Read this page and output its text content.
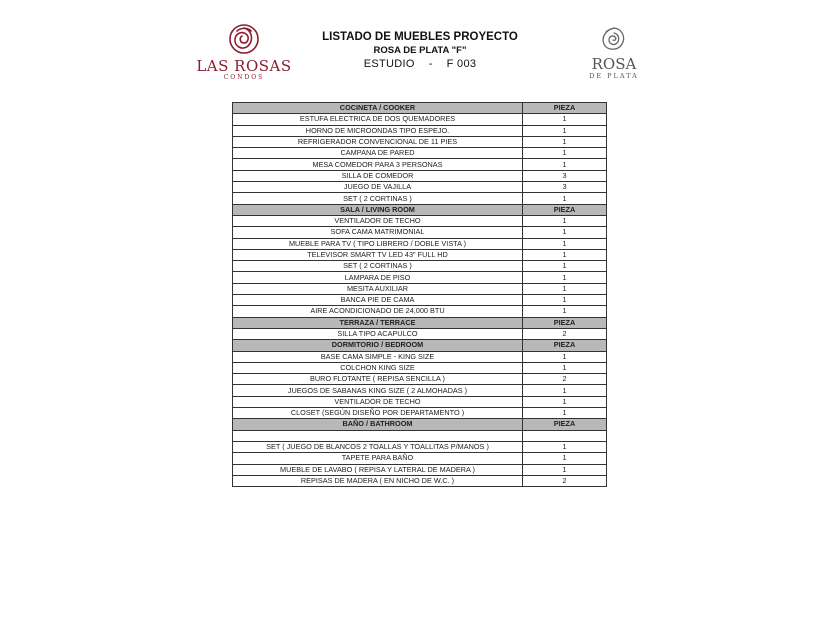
LAS ROSAS
CONDOS
LISTADO DE MUEBLES PROYECTO
ROSA DE PLATA "F"
ESTUDIO - F 003	ROSA
DE PLATA
COCINETA / COOKER	PIEZA
ESTUFA ELECTRICA DE DOS QUEMADORES	1
HORNO DE MICROONDAS TIPO ESPEJO.	1
REFRIGERADOR CONVENCIONAL DE 11 PIES	1
CAMPANA DE PARED	1
MESA COMEDOR PARA 3 PERSONAS	1
SILLA DE COMEDOR	3
JUEGO DE VAJILLA	3
SET ( 2 CORTINAS )	1
SALA / LIVING ROOM	PIEZA
VENTILADOR DE TECHO	1
SOFA CAMA MATRIMONIAL	1
MUEBLE PARA TV ( TIPO LIBRERO / DOBLE VISTA )	1
TELEVISOR SMART TV LED 43" FULL HD	1
SET ( 2 CORTINAS )	1
LAMPARA DE PISO	1
MESITA AUXILIAR	1
BANCA PIE DE CAMA	1
AIRE ACONDICIONADO DE 24,000 BTU	1
TERRAZA / TERRACE	PIEZA
SILLA TIPO ACAPULCO	2
DORMITORIO / BEDROOM	PIEZA
BASE CAMA SIMPLE - KING SIZE	1
COLCHON KING SIZE	1
BURO FLOTANTE ( REPISA SENCILLA )	2
JUEGOS DE SABANAS KING SIZE ( 2 ALMOHADAS )	1
VENTILADOR DE TECHO	1
CLOSET (SEGÚN DISEÑO POR DEPARTAMENTO )	1
BAÑO / BATHROOM	PIEZA

SET ( JUEGO DE BLANCOS 2 TOALLAS Y TOALLITAS P/MANOS )	1
TAPETE PARA BAÑO	1
MUEBLE DE LAVABO ( REPISA Y LATERAL DE MADERA )	1
REPISAS DE MADERA ( EN NICHO DE W.C. )	2
